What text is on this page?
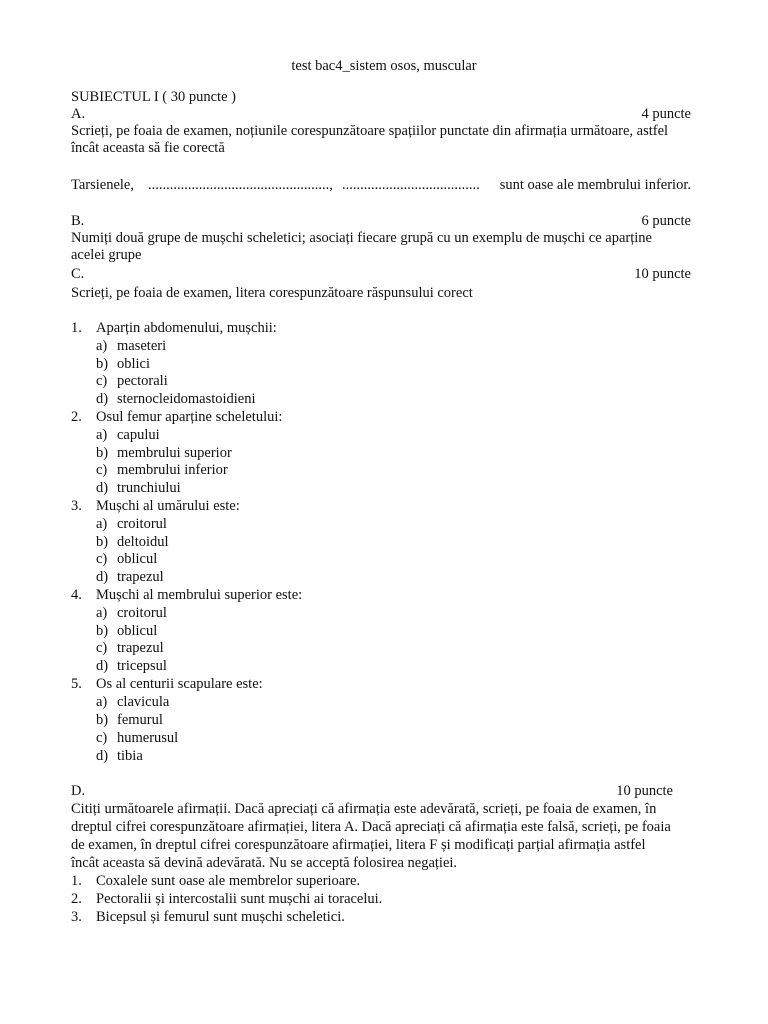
test bac4_sistem osos, muscular
SUBIECTUL I ( 30 puncte )
A.	4 puncte
Scrieți, pe foaia de examen, noțiunile corespunzătoare spațiilor punctate din afirmația următoare, astfel
încât aceasta să fie corectă
Tarsienele, .................................................., ...................................... sunt oase ale membrului inferior.
B.	6 puncte
Numiți două grupe de mușchi scheletici; asociați fiecare grupă cu un exemplu de mușchi ce aparține
acelei grupe
C.	10 puncte
Scrieți, pe foaia de examen, litera corespunzătoare răspunsului corect
1. Aparțin abdomenului, mușchii:
a) maseteri
b) oblici
c) pectorali
d) sternocleidomastoidieni
2. Osul femur aparține scheletului:
a) capului
b) membrului superior
c) membrului inferior
d) trunchiului
3. Mușchi al umărului este:
a) croitorul
b) deltoidul
c) oblicul
d) trapezul
4. Mușchi al membrului superior este:
a) croitorul
b) oblicul
c) trapezul
d) tricepsul
5. Os al centurii scapulare este:
a) clavicula
b) femurul
c) humerusul
d) tibia
D.	10 puncte
Citiți următoarele afirmații. Dacă apreciați că afirmația este adevărată, scrieți, pe foaia de examen, în
dreptul cifrei corespunzătoare afirmației, litera A. Dacă apreciați că afirmația este falsă, scrieți, pe foaia
de examen, în dreptul cifrei corespunzătoare afirmației, litera F și modificați parțial afirmația astfel
încât aceasta să devină adevărată. Nu se acceptă folosirea negației.
1. Coxalele sunt oase ale membrelor superioare.
2. Pectoralii și intercostalii sunt mușchi ai toracelui.
3. Bicepsul și femurul sunt mușchi scheletici.
